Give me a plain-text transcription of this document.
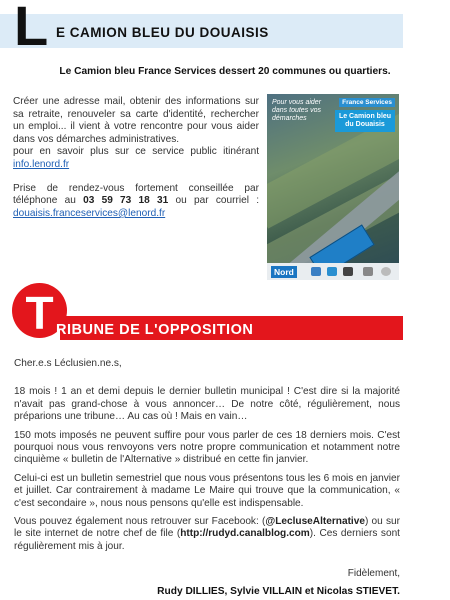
L E CAMION BLEU DU DOUAISIS
Le Camion bleu France Services dessert 20 communes ou quartiers.

Créer une adresse mail, obtenir des informations sur sa retraite, renouveler sa carte d'identité, rechercher un emploi... il vient à votre rencontre pour vous aider dans vos démarches administratives.

pour en savoir plus sur ce service public itinérant info.lenord.fr

Prise de rendez-vous fortement conseillée par téléphone au 03 59 73 18 31 ou par courriel : douaisis.franceservices@lenord.fr

Pour vous aider dans toutes vos démarches
France Services
Le Camion bleu du Douaisis
Nord
T RIBUNE DE L'OPPOSITION

Cher.e.s Léclusien.ne.s,

18 mois ! 1 an et demi depuis le dernier bulletin municipal ! C'est dire si la majorité n'avait pas grand-chose à vous annoncer… De notre côté, régulièrement, nous préparions une tribune… Au cas où ! Mais en vain…

150 mots imposés ne peuvent suffire pour vous parler de ces 18 derniers mois. C'est pourquoi nous vous renvoyons vers notre propre communication et notamment notre cinquième « bulletin de l'Alternative » distribué en cette fin janvier.

Celui-ci est un bulletin semestriel que nous vous présentons tous les 6 mois en janvier et juillet. Car contrairement à madame Le Maire qui trouve que la communication, « c'est secondaire », nous nous pensons qu'elle est indispensable.

Vous pouvez également nous retrouver sur Facebook: (@LecluseAlternative) ou sur le site internet de notre chef de file (http://rudyd.canalblog.com). Ces derniers sont régulièrement mis à jour.

Fidèlement,
Rudy DILLIES, Sylvie VILLAIN et Nicolas STIEVET.
